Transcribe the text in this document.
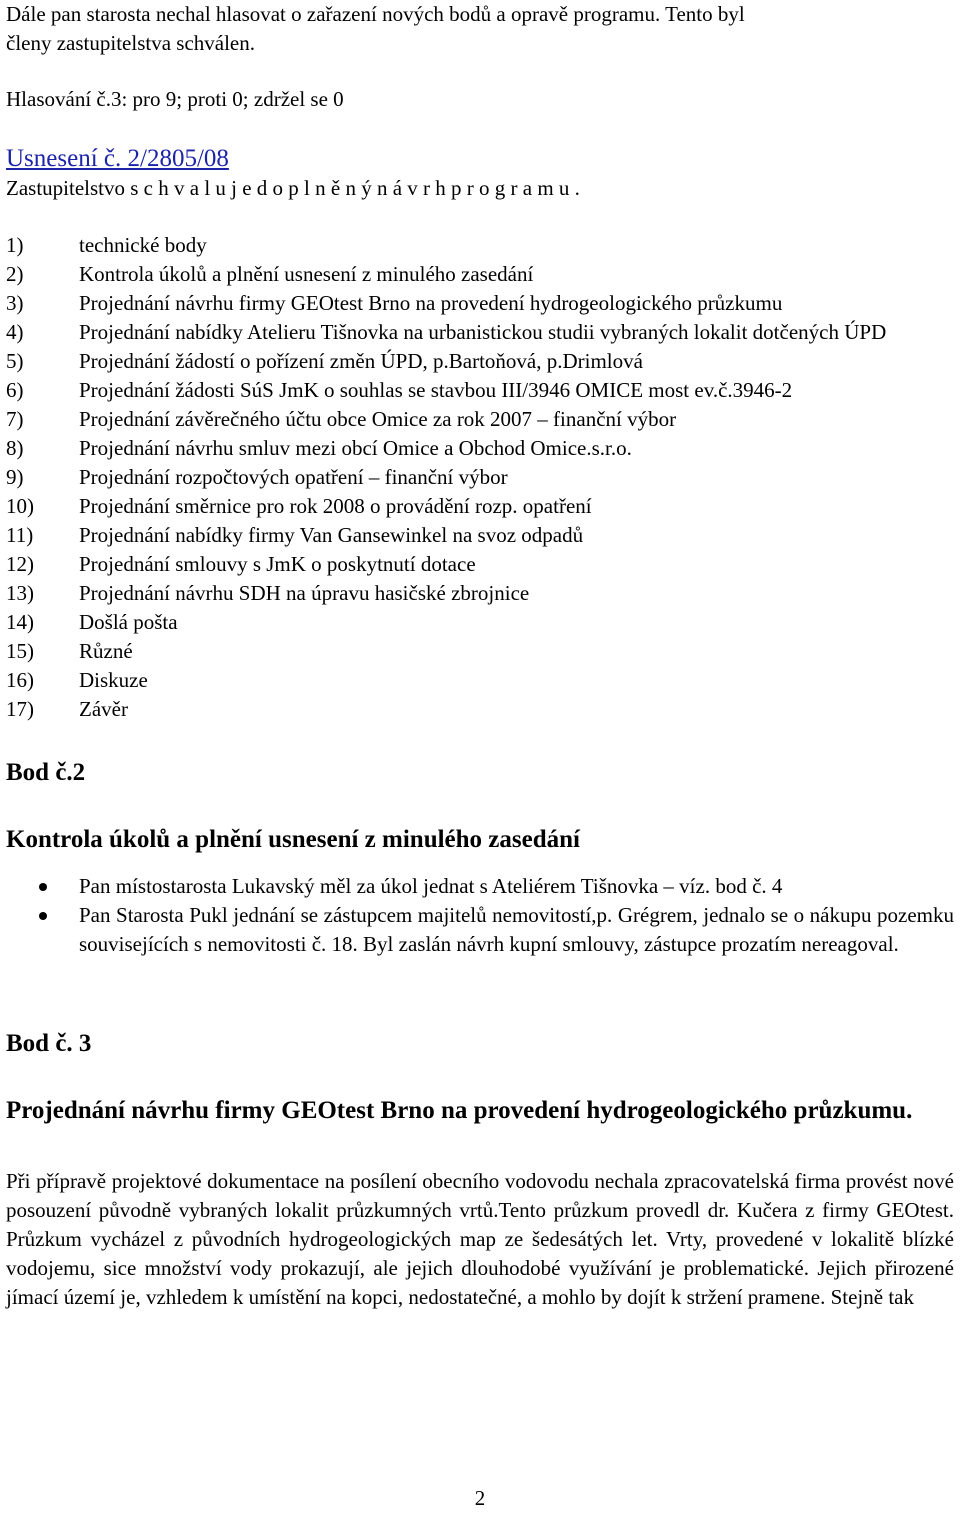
Dále pan starosta nechal hlasovat o zařazení nových bodů a opravě programu. Tento byl
členy zastupitelstva schválen.

Hlasování č.3: pro 9; proti 0; zdržel se 0

Usnesení č. 2/2805/08

Zastupitelstvo s c h v a l u j e d o p l n ě n ý n á v r h p r o g r a m u .

1)	technické body
2)	Kontrola úkolů a plnění usnesení z minulého zasedání
3)	Projednání návrhu firmy GEOtest Brno na provedení hydrogeologického průzkumu
4)	Projednání nabídky Atelieru Tišnovka na urbanistickou studii vybraných lokalit dotčených ÚPD
5)	Projednání žádostí o pořízení změn ÚPD, p.Bartoňová, p.Drimlová
6)	Projednání žádosti SúS JmK o souhlas se stavbou III/3946 OMICE most ev.č.3946-2
7)	Projednání závěrečného účtu obce Omice za rok 2007 – finanční výbor
8)	Projednání návrhu smluv mezi obcí Omice a Obchod Omice.s.r.o.
9)	Projednání rozpočtových opatření – finanční výbor
10)	Projednání směrnice pro rok 2008 o provádění rozp. opatření
11)	Projednání nabídky firmy Van Gansewinkel na svoz odpadů
12)	Projednání smlouvy s JmK o poskytnutí dotace
13)	Projednání návrhu SDH na úpravu hasičské zbrojnice
14)	Došlá pošta
15)	Různé
16)	Diskuze
17)	Závěr

Bod č.2

Kontrola úkolů a plnění usnesení z minulého zasedání

Pan místostarosta Lukavský měl za úkol jednat s Ateliérem Tišnovka – víz. bod č. 4
Pan Starosta Pukl jednání se zástupcem majitelů nemovitostí,p. Grégrem, jednalo se o nákupu pozemku souvisejících s nemovitosti č. 18. Byl zaslán návrh kupní smlouvy, zástupce prozatím nereagoval.

Bod č. 3

Projednání návrhu firmy GEOtest Brno na provedení hydrogeologického průzkumu.

Při přípravě projektové dokumentace na posílení obecního vodovodu nechala zpracovatelská firma provést nové posouzení původně vybraných lokalit průzkumných vrtů.Tento průzkum provedl dr. Kučera z firmy GEOtest. Průzkum vycházel z původních hydrogeologických map ze šedesátých let. Vrty, provedené v lokalitě blízké vodojemu, sice množství vody prokazují, ale jejich dlouhodobé využívání je problematické. Jejich přirozené jímací území je, vzhledem k umístění na kopci, nedostatečné, a mohlo by dojít k stržení pramene. Stejně tak

2
